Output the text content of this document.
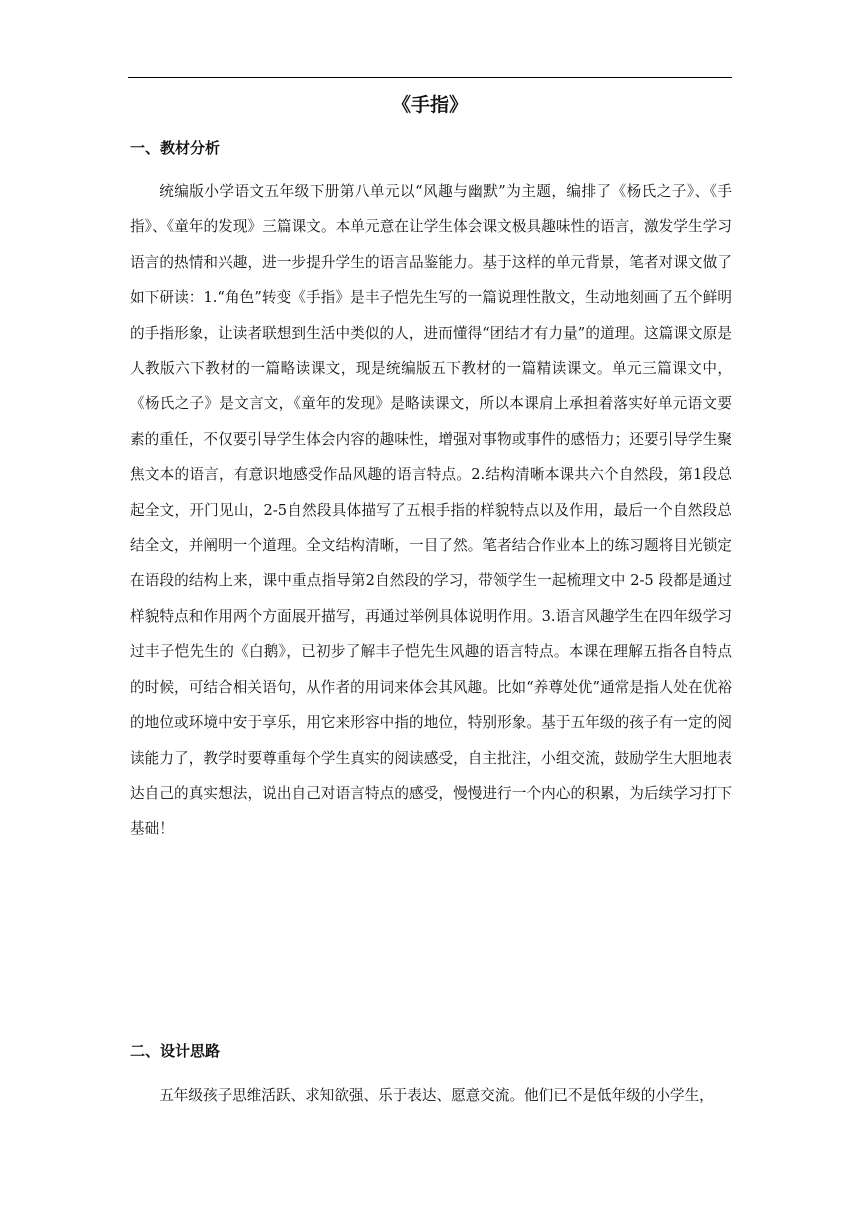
《手指》
一、教材分析

统编版小学语文五年级下册第八单元以“风趣与幽默”为主题，编排了《杨氏之子》、《手指》、《童年的发现》三篇课文。本单元意在让学生体会课文极具趣味性的语言，激发学生学习语言的热情和兴趣，进一步提升学生的语言品鉴能力。基于这样的单元背景，笔者对课文做了如下研读：1.“角色”转变《手指》是丰子恺先生写的一篇说理性散文，生动地刻画了五个鲜明的手指形象，让读者联想到生活中类似的人，进而懂得“团结才有力量”的道理。这篇课文原是人教版六下教材的一篇略读课文，现是统编版五下教材的一篇精读课文。单元三篇课文中，《杨氏之子》是文言文，《童年的发现》是略读课文，所以本课肩上承担着落实好单元语文要素的重任，不仅要引导学生体会内容的趣味性，增强对事物或事件的感悟力；还要引导学生聚焦文本的语言，有意识地感受作品风趣的语言特点。2.结构清晰本课共六个自然段，第1段总起全文，开门见山，2-5自然段具体描写了五根手指的样貌特点以及作用，最后一个自然段总结全文，并阐明一个道理。全文结构清晰，一目了然。笔者结合作业本上的练习题将目光锁定在语段的结构上来，课中重点指导第2自然段的学习，带领学生一起梳理文中 2-5 段都是通过样貌特点和作用两个方面展开描写，再通过举例具体说明作用。3.语言风趣学生在四年级学习过丰子恺先生的《白鹅》，已初步了解丰子恺先生风趣的语言特点。本课在理解五指各自特点的时候，可结合相关语句，从作者的用词来体会其风趣。比如“养尊处优”通常是指人处在优裕的地位或环境中安于享乐，用它来形容中指的地位，特别形象。基于五年级的孩子有一定的阅读能力了，教学时要尊重每个学生真实的阅读感受，自主批注，小组交流，鼓励学生大胆地表达自己的真实想法，说出自己对语言特点的感受，慢慢进行一个内心的积累，为后续学习打下基础！

二、设计思路

五年级孩子思维活跃、求知欲强、乐于表达、愿意交流。他们已不是低年级的小学生，
